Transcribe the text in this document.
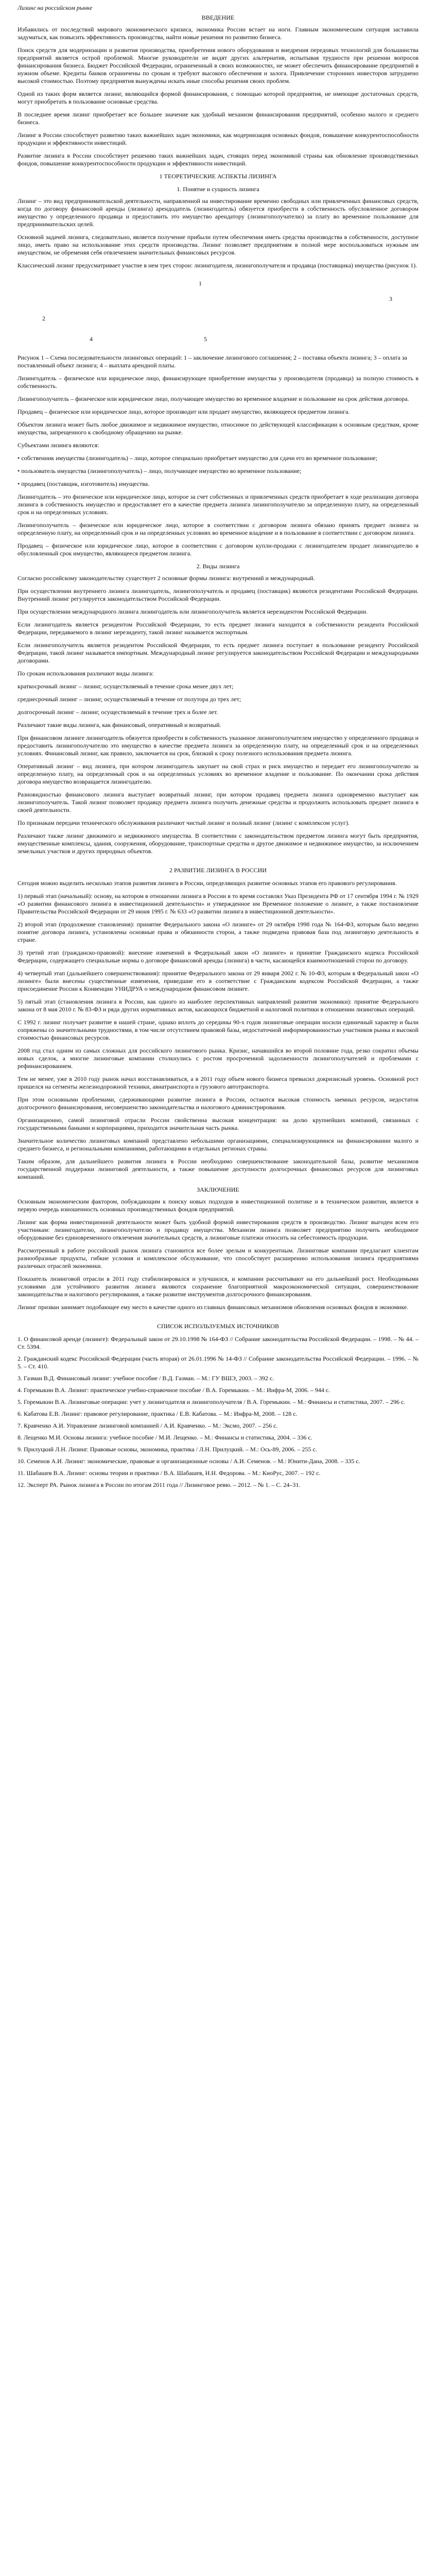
Лизинг на российском рынке
ВВЕДЕНИЕ

Избавились от последствий мирового экономического кризиса, экономика России встает на ноги. Главным экономическим ситуация заставила задуматься, как повысить эффективность производства, найти новые решения по развитию бизнеса.

Поиск средств для модернизации и развития производства, приобретения нового оборудования и внедрения передовых технологий для большинства предприятий является острой проблемой. Многие руководители не видят других альтернатив, испытывая трудности при решении вопросов финансирования бизнеса. Бюджет Российской Федерации, ограниченный в своих возможностях, не может обеспечить финансирование предприятий в нужном объеме. Кредиты банков ограничены по срокам и требуют высокого обеспечения и залога. Привлечение сторонних инвесторов затруднено высокой стоимостью. Поэтому предприятия вынуждены искать иные способы решения своих проблем.

Одной из таких форм является лизинг, являющийся формой финансирования, с помощью которой предприятия, не имеющие достаточных средств, могут приобретать в пользование основные средства.

В последнее время лизинг приобретает все большее значение как удобный механизм финансирования предприятий, особенно малого и среднего бизнеса.

Лизинг в России способствует развитию таких важнейших задач экономики, как модернизация основных фондов, повышение конкурентоспособности продукции и эффективности инвестиций.

Развитие лизинга в России способствует решению таких важнейших задач, стоящих перед экономикой страны как обновление производственных фондов, повышение конкурентоспособности продукции и эффективности инвестиций.

1 ТЕОРЕТИЧЕСКИЕ АСПЕКТЫ ЛИЗИНГА
1. Понятие и сущность лизинга

Лизинг – это вид предпринимательской деятельности, направленной на инвестирование временно свободных или привлеченных финансовых средств, когда по договору финансовой аренды (лизинга) арендодатель (лизингодатель) обязуется приобрести в собственность обусловленное договором имущество у определенного продавца и предоставить это имущество арендатору (лизингополучателю) за плату во временное пользование для предпринимательских целей.

Основной задачей лизинга, следовательно, является получение прибыли путем обеспечения иметь средства производства в собственности, доступное лицо, иметь право на использование этих средств производства. Лизинг позволяет предприятиям в полной мере воспользоваться нужным им имуществом, не обременяя себя отвлечением значительных финансовых ресурсов.

Классический лизинг предусматривает участие в нем трех сторон: лизингодателя, лизингополучателя и продавца (поставщика) имущества (рисунок 1).

1
3
2
4	5
Рисунок 1 – Схема последовательности лизинговых операций: 1 – заключение лизингового соглашения; 2 – поставка объекта лизинга; 3 – оплата за поставленный объект лизинга; 4 – выплата арендной платы.

Лизингодатель – физическое или юридическое лицо, финансирующее приобретение имущества у производителя (продавца) за полную стоимость в собственность.

Лизингополучатель – физическое или юридическое лицо, получающее имущество во временное владение и пользование на срок действия договора.

Продавец – физическое или юридическое лицо, которое производит или продает имущество, являющееся предметом лизинга.

Объектом лизинга может быть любое движимое и недвижимое имущество, относимое по действующей классификации к основным средствам, кроме имущества, запрещенного к свободному обращению на рынке.

Субъектами лизинга являются:

• собственник имущества (лизингодатель) – лицо, которое специально приобретает имущество для сдачи его во временное пользование;

• пользователь имущества (лизингополучатель) – лицо, получающее имущество во временное пользование;

• продавец (поставщик, изготовитель) имущества.

Лизингодатель – это физическое или юридическое лицо, которое за счет собственных и привлеченных средств приобретает в ходе реализации договора лизинга в собственность имущество и предоставляет его в качестве предмета лизинга лизингополучателю за определенную плату, на определенный срок и на определенных условиях.

Лизингополучатель – физическое или юридическое лицо, которое в соответствии с договором лизинга обязано принять предмет лизинга за определенную плату, на определенный срок и на определенных условиях во временное владение и в пользование в соответствии с договором лизинга.

Продавец – физическое или юридическое лицо, которое в соответствии с договором купли-продажи с лизингодателем продает лизингодателю в обусловленный срок имущество, являющееся предметом лизинга.

2. Виды лизинга

Согласно российскому законодательству существует 2 основные формы лизинга: внутренний и международный.

При осуществлении внутреннего лизинга лизингодатель, лизингополучатель и продавец (поставщик) являются резидентами Российской Федерации. Внутренний лизинг регулируется законодательством Российской Федерации.

При осуществлении международного лизинга лизингодатель или лизингополучатель является нерезидентом Российской Федерации.

Если лизингодатель является резидентом Российской Федерации, то есть предмет лизинга находится в собственности резидента Российской Федерации, передаваемого в лизинг нерезиденту, такой лизинг называется экспортным.

Если лизингополучатель является резидентом Российской Федерации, то есть предмет лизинга поступает в пользование резиденту Российской Федерации, такой лизинг называется импортным. Международный лизинг регулируется законодательством Российской Федерации и международными договорами.

По срокам использования различают виды лизинга:

краткосрочный лизинг – лизинг, осуществляемый в течение срока менее двух лет;

среднесрочный лизинг – лизинг, осуществляемый в течение от полутора до трех лет;

долгосрочный лизинг – лизинг, осуществляемый в течение трех и более лет.

Различают такие виды лизинга, как финансовый, оперативный и возвратный.

При финансовом лизинге лизингодатель обязуется приобрести в собственность указанное лизингополучателем имущество у определенного продавца и предоставить лизингополучателю это имущество в качестве предмета лизинга за определенную плату, на определенный срок и на определенных условиях. Финансовый лизинг, как правило, заключается на срок, близкий к сроку полезного использования предмета лизинга.

Оперативный лизинг – вид лизинга, при котором лизингодатель закупает на свой страх и риск имущество и передает его лизингополучателю за определенную плату, на определенный срок и на определенных условиях во временное владение и пользование. По окончании срока действия договора имущество возвращается лизингодателю.

Разновидностью финансового лизинга выступает возвратный лизинг, при котором продавец предмета лизинга одновременно выступает как лизингополучатель. Такой лизинг позволяет продавцу предмета лизинга получить денежные средства и продолжить использовать предмет лизинга в своей деятельности.

По признакам передачи технического обслуживания различают чистый лизинг и полный лизинг (лизинг с комплексом услуг).

Различают также лизинг движимого и недвижимого имущества. В соответствии с законодательством предметом лизинга могут быть предприятия, имущественные комплексы, здания, сооружения, оборудование, транспортные средства и другое движимое и недвижимое имущество, за исключением земельных участков и других природных объектов.

2 РАЗВИТИЕ ЛИЗИНГА В РОССИИ

Сегодня можно выделить несколько этапов развития лизинга в России, определяющих развитие основных этапов его правового регулирования.

1) первый этап (начальный): основу, на котором в отношении лизинга в России в то время составлял Указ Президента РФ от 17 сентября 1994 г. № 1929 «О развитии финансового лизинга в инвестиционной деятельности» и утвержденное им Временное положение о лизинге, а также постановление Правительства Российской Федерации от 29 июня 1995 г. № 633 «О развитии лизинга в инвестиционной деятельности».

2) второй этап (продолжение становления): принятие Федерального закона «О лизинге» от 29 октября 1998 года № 164-ФЗ, которым было введено понятие договора лизинга, установлены основные права и обязанности сторон, а также подведена правовая база под лизинговую деятельность в стране.

3) третий этап (гражданско-правовой): внесение изменений в Федеральный закон «О лизинге» и принятие Гражданского кодекса Российской Федерации, содержащего специальные нормы о договоре финансовой аренды (лизинга) в части, касающейся взаимоотношений сторон по договору.

4) четвертый этап (дальнейшего совершенствования): принятие Федерального закона от 29 января 2002 г. № 10-ФЗ, которым в Федеральный закон «О лизинге» были внесены существенные изменения, приведшие его в соответствие с Гражданским кодексом Российской Федерации, а также присоединение России к Конвенции УНИДРУА о международном финансовом лизинге.

5) пятый этап (становления лизинга в России, как одного из наиболее перспективных направлений развития экономики): принятие Федерального закона от 8 мая 2010 г. № 83-ФЗ и ряда других нормативных актов, касающихся бюджетной и налоговой политики в отношении лизинговых операций.

С 1992 г. лизинг получает развитие в нашей стране, однако вплоть до середины 90-х годов лизинговые операции носили единичный характер и были сопряжены со значительными трудностями, в том числе отсутствием правовой базы, недостаточной информированностью участников рынка и высокой стоимостью финансовых ресурсов.

2008 год стал одним из самых сложных для российского лизингового рынка. Кризис, начавшийся во второй половине года, резко сократил объемы новых сделок, а многие лизинговые компании столкнулись с ростом просроченной задолженности лизингополучателей и проблемами с рефинансированием.

Тем не менее, уже в 2010 году рынок начал восстанавливаться, а в 2011 году объем нового бизнеса превысил докризисный уровень. Основной рост пришелся на сегменты железнодорожной техники, авиатранспорта и грузового автотранспорта.

При этом основными проблемами, сдерживающими развитие лизинга в России, остаются высокая стоимость заемных ресурсов, недостаток долгосрочного финансирования, несовершенство законодательства и налогового администрирования.

Организационно, самой лизинговой отрасли России свойственна высокая концентрация: на долю крупнейших компаний, связанных с государственными банками и корпорациями, приходится значительная часть рынка.

Значительное количество лизинговых компаний представлено небольшими организациями, специализирующимися на финансировании малого и среднего бизнеса, и региональными компаниями, работающими в отдельных регионах страны.

Таким образом, для дальнейшего развития лизинга в России необходимо совершенствование законодательной базы, развитие механизмов государственной поддержки лизинговой деятельности, а также повышение доступности долгосрочных финансовых ресурсов для лизинговых компаний.

ЗАКЛЮЧЕНИЕ

Основным экономическим фактором, побуждающим к поиску новых подходов в инвестиционной политике и в техническом развитии, является в первую очередь изношенность основных производственных фондов предприятий.

Лизинг как форма инвестиционной деятельности может быть удобной формой инвестирования средств в производство. Лизинг выгоден всем его участникам: лизингодателю, лизингополучателю и продавцу имущества. Механизм лизинга позволяет предприятию получить необходимое оборудование без единовременного отвлечения значительных средств, а лизинговые платежи относить на себестоимость продукции.

Рассмотренный в работе российский рынок лизинга становится все более зрелым и конкурентным. Лизинговые компании предлагают клиентам разнообразные продукты, гибкие условия и комплексное обслуживание, что способствует расширению использования лизинга предприятиями различных отраслей экономики.

Показатель лизинговой отрасли в 2011 году стабилизировался и улучшился, и компании рассчитывают на его дальнейший рост. Необходимыми условиями для устойчивого развития лизинга являются сохранение благоприятной макроэкономической ситуации, совершенствование законодательства и налогового регулирования, а также развитие инструментов долгосрочного финансирования.

Лизинг призван занимает подобающее ему место в качестве одного из главных финансовых механизмов обновления основных фондов в экономике.

СПИСОК ИСПОЛЬЗУЕМЫХ ИСТОЧНИКОВ
1. О финансовой аренде (лизинге): Федеральный закон от 29.10.1998 № 164-ФЗ // Собрание законодательства Российской Федерации. – 1998. – № 44. – Ст. 5394.
2. Гражданский кодекс Российской Федерации (часть вторая) от 26.01.1996 № 14-ФЗ // Собрание законодательства Российской Федерации. – 1996. – № 5. – Ст. 410.
3. Газман В.Д. Финансовый лизинг: учебное пособие / В.Д. Газман. – М.: ГУ ВШЭ, 2003. – 392 с.
4. Горемыкин В.А. Лизинг: практическое учебно-справочное пособие / В.А. Горемыкин. – М.: Инфра-М, 2006. – 944 с.
5. Горемыкин В.А. Лизинговые операции: учет у лизингодателя и лизингополучателя / В.А. Горемыкин. – М.: Финансы и статистика, 2007. – 296 с.
6. Кабатова Е.В. Лизинг: правовое регулирование, практика / Е.В. Кабатова. – М.: Инфра-М, 2008. – 128 с.
7. Кравченко А.И. Управление лизинговой компанией / А.И. Кравченко. – М.: Эксмо, 2007. – 256 с.
8. Лещенко М.И. Основы лизинга: учебное пособие / М.И. Лещенко. – М.: Финансы и статистика, 2004. – 336 с.
9. Прилуцкий Л.Н. Лизинг. Правовые основы, экономика, практика / Л.Н. Прилуцкий. – М.: Ось-89, 2006. – 255 с.
10. Семенов А.И. Лизинг: экономические, правовые и организационные основы / А.И. Семенов. – М.: Юнити-Дана, 2008. – 335 с.
11. Шабашев В.А. Лизинг: основы теории и практики / В.А. Шабашев, Н.Н. Федорова. – М.: КноРус, 2007. – 192 с.
12. Эксперт РА. Рынок лизинга в России по итогам 2011 года // Лизинговое ревю. – 2012. – № 1. – С. 24–31.
